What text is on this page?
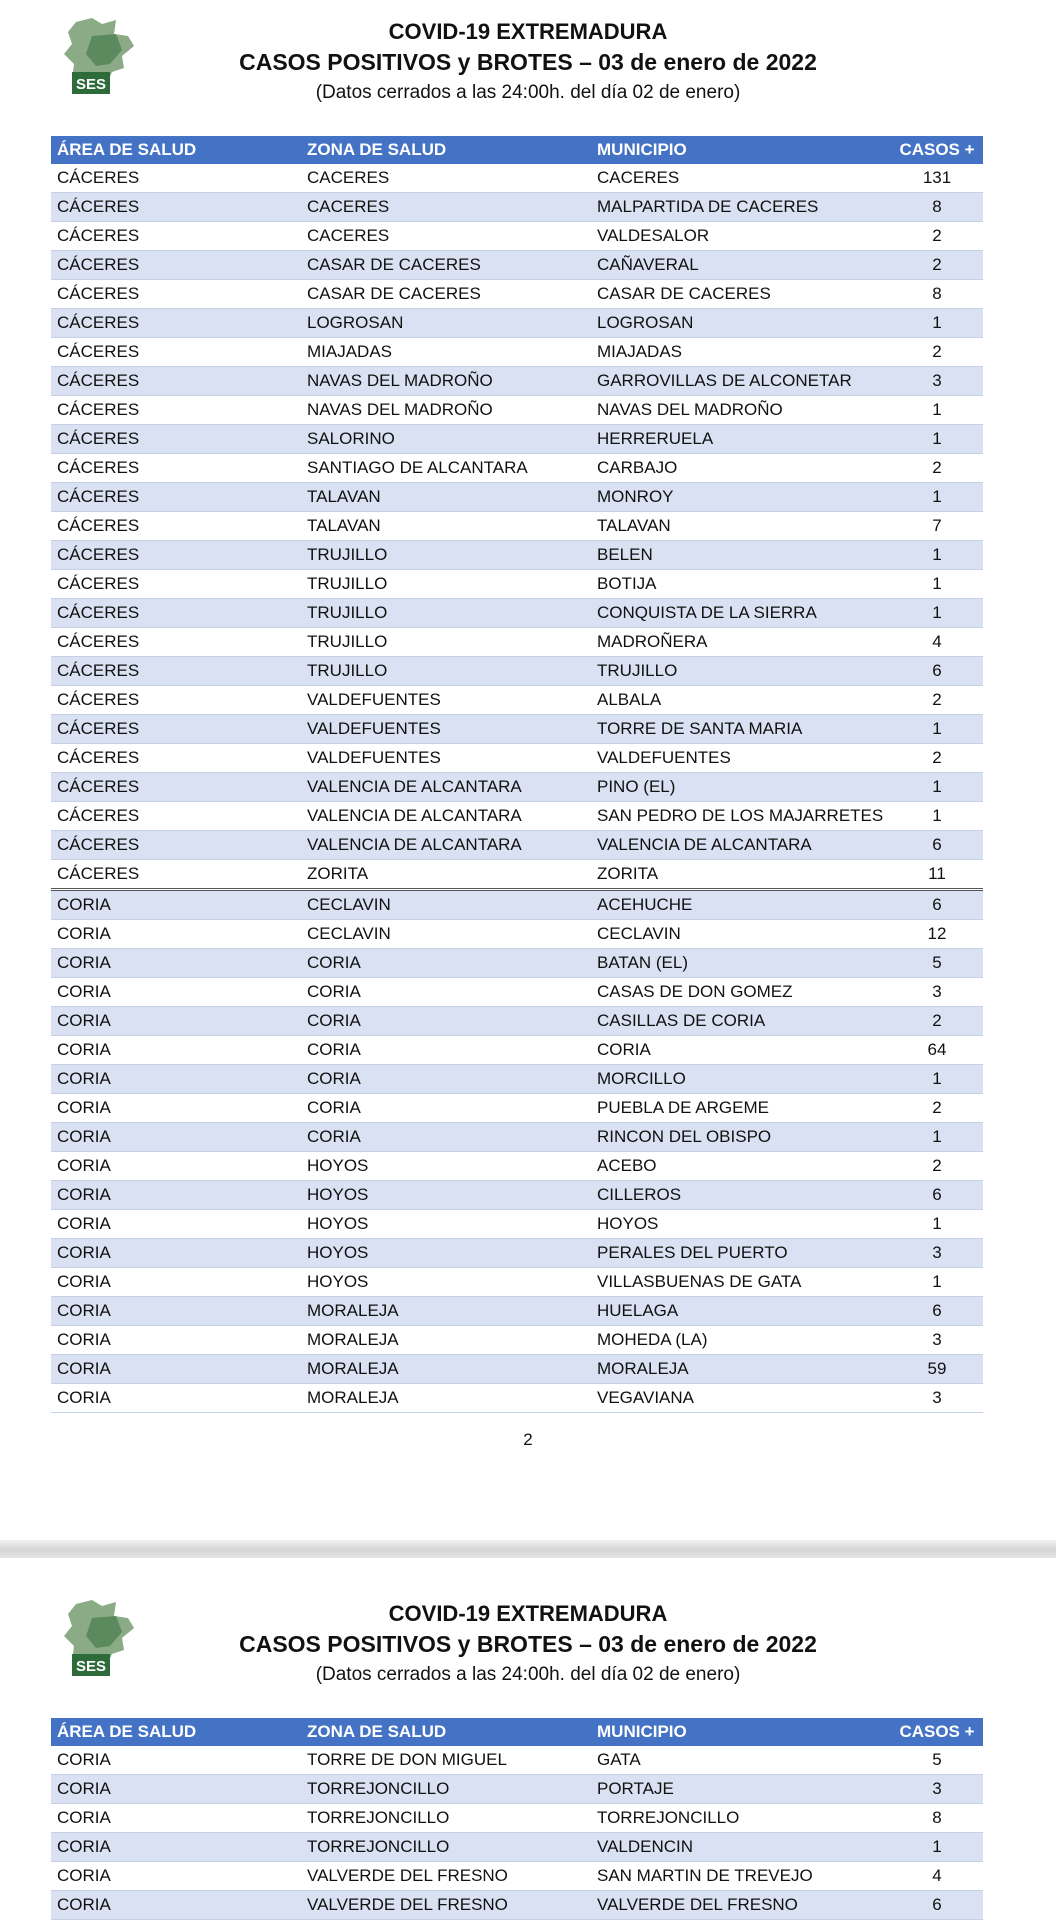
SES
COVID-19 EXTREMADURA
CASOS POSITIVOS y BROTES – 03 de enero de 2022
(Datos cerrados a las 24:00h. del día 02 de enero)
ÁREA DE SALUD	ZONA DE SALUD	MUNICIPIO	CASOS +
CÁCERES	CACERES	CACERES	131
CÁCERES	CACERES	MALPARTIDA DE CACERES	8
CÁCERES	CACERES	VALDESALOR	2
CÁCERES	CASAR DE CACERES	CAÑAVERAL	2
CÁCERES	CASAR DE CACERES	CASAR DE CACERES	8
CÁCERES	LOGROSAN	LOGROSAN	1
CÁCERES	MIAJADAS	MIAJADAS	2
CÁCERES	NAVAS DEL MADROÑO	GARROVILLAS DE ALCONETAR	3
CÁCERES	NAVAS DEL MADROÑO	NAVAS DEL MADROÑO	1
CÁCERES	SALORINO	HERRERUELA	1
CÁCERES	SANTIAGO DE ALCANTARA	CARBAJO	2
CÁCERES	TALAVAN	MONROY	1
CÁCERES	TALAVAN	TALAVAN	7
CÁCERES	TRUJILLO	BELEN	1
CÁCERES	TRUJILLO	BOTIJA	1
CÁCERES	TRUJILLO	CONQUISTA DE LA SIERRA	1
CÁCERES	TRUJILLO	MADROÑERA	4
CÁCERES	TRUJILLO	TRUJILLO	6
CÁCERES	VALDEFUENTES	ALBALA	2
CÁCERES	VALDEFUENTES	TORRE DE SANTA MARIA	1
CÁCERES	VALDEFUENTES	VALDEFUENTES	2
CÁCERES	VALENCIA DE ALCANTARA	PINO (EL)	1
CÁCERES	VALENCIA DE ALCANTARA	SAN PEDRO DE LOS MAJARRETES	1
CÁCERES	VALENCIA DE ALCANTARA	VALENCIA DE ALCANTARA	6
CÁCERES	ZORITA	ZORITA	11
CORIA	CECLAVIN	ACEHUCHE	6
CORIA	CECLAVIN	CECLAVIN	12
CORIA	CORIA	BATAN (EL)	5
CORIA	CORIA	CASAS DE DON GOMEZ	3
CORIA	CORIA	CASILLAS DE CORIA	2
CORIA	CORIA	CORIA	64
CORIA	CORIA	MORCILLO	1
CORIA	CORIA	PUEBLA DE ARGEME	2
CORIA	CORIA	RINCON DEL OBISPO	1
CORIA	HOYOS	ACEBO	2
CORIA	HOYOS	CILLEROS	6
CORIA	HOYOS	HOYOS	1
CORIA	HOYOS	PERALES DEL PUERTO	3
CORIA	HOYOS	VILLASBUENAS DE GATA	1
CORIA	MORALEJA	HUELAGA	6
CORIA	MORALEJA	MOHEDA (LA)	3
CORIA	MORALEJA	MORALEJA	59
CORIA	MORALEJA	VEGAVIANA	3
2
SES
COVID-19 EXTREMADURA
CASOS POSITIVOS y BROTES – 03 de enero de 2022
(Datos cerrados a las 24:00h. del día 02 de enero)
ÁREA DE SALUD	ZONA DE SALUD	MUNICIPIO	CASOS +
CORIA	TORRE DE DON MIGUEL	GATA	5
CORIA	TORREJONCILLO	PORTAJE	3
CORIA	TORREJONCILLO	TORREJONCILLO	8
CORIA	TORREJONCILLO	VALDENCIN	1
CORIA	VALVERDE DEL FRESNO	SAN MARTIN DE TREVEJO	4
CORIA	VALVERDE DEL FRESNO	VALVERDE DEL FRESNO	6
